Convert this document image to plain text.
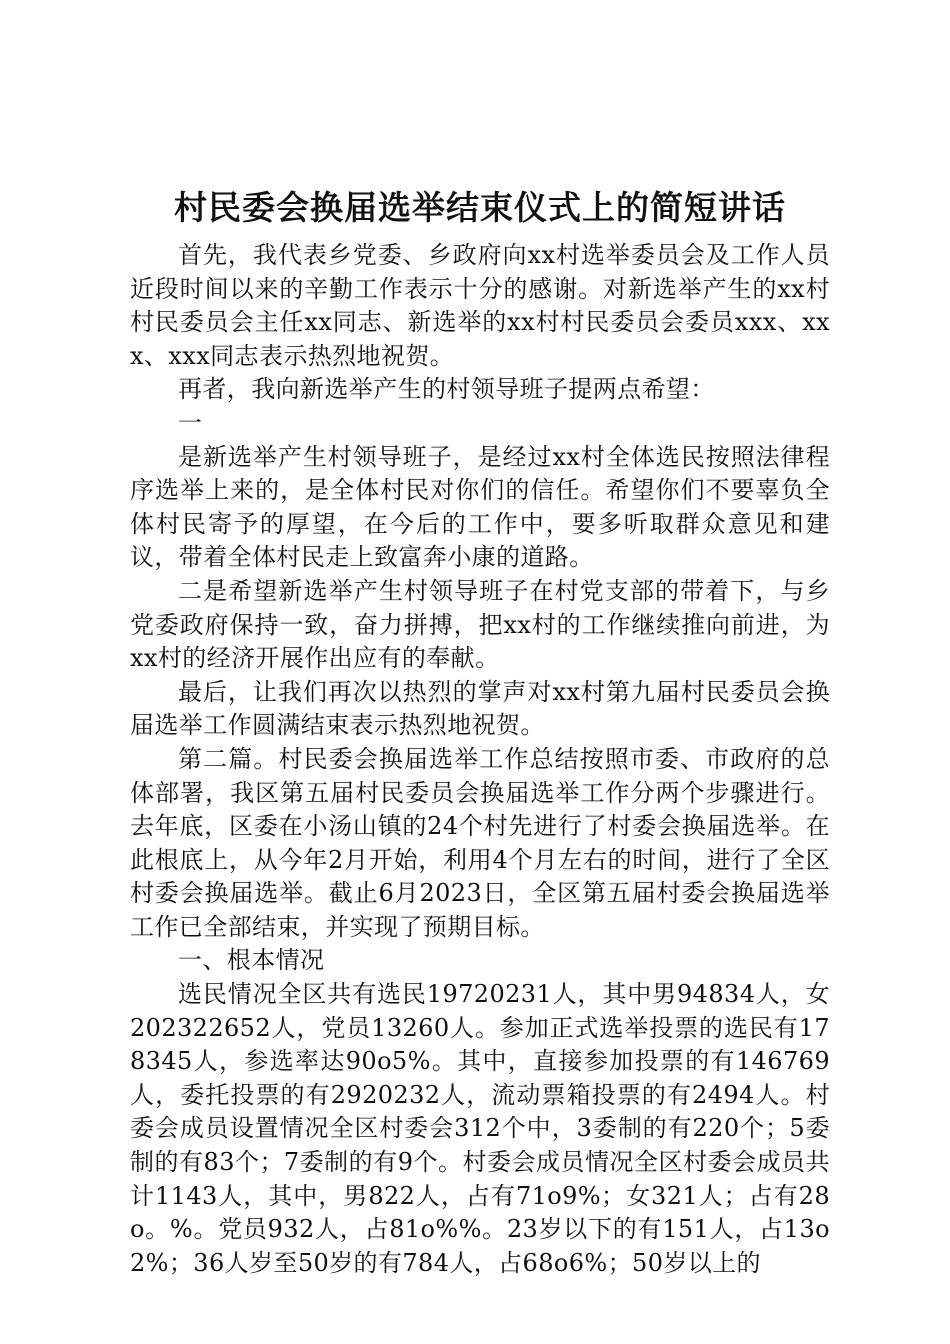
村民委会换届选举结束仪式上的简短讲话

首先，我代表乡党委、乡政府向xx村选举委员会及工作人员近段时间以来的辛勤工作表示十分的感谢。对新选举产生的xx村村民委员会主任xx同志、新选举的xx村村民委员会委员xxx、xxx、xxx同志表示热烈地祝贺。

再者，我向新选举产生的村领导班子提两点希望：

一

是新选举产生村领导班子，是经过xx村全体选民按照法律程序选举上来的，是全体村民对你们的信任。希望你们不要辜负全体村民寄予的厚望，在今后的工作中，要多听取群众意见和建议，带着全体村民走上致富奔小康的道路。

二是希望新选举产生村领导班子在村党支部的带着下，与乡党委政府保持一致，奋力拼搏，把xx村的工作继续推向前进，为xx村的经济开展作出应有的奉献。

最后，让我们再次以热烈的掌声对xx村第九届村民委员会换届选举工作圆满结束表示热烈地祝贺。

第二篇。村民委会换届选举工作总结按照市委、市政府的总体部署，我区第五届村民委员会换届选举工作分两个步骤进行。去年底，区委在小汤山镇的24个村先进行了村委会换届选举。在此根底上，从今年2月开始，利用4个月左右的时间，进行了全区村委会换届选举。截止6月2023日，全区第五届村委会换届选举工作已全部结束，并实现了预期目标。

一、根本情况

选民情况全区共有选民19720231人，其中男94834人，女202322652人，党员13260人。参加正式选举投票的选民有178345人，参选率达90o5%。其中，直接参加投票的有146769人，委托投票的有2920232人，流动票箱投票的有2494人。村委会成员设置情况全区村委会312个中，3委制的有220个；5委制的有83个；7委制的有9个。村委会成员情况全区村委会成员共计1143人，其中，男822人，占有71o9%；女321人；占有28o。%。党员932人，占81o%%。23岁以下的有151人，占13o2%；36人岁至50岁的有784人，占68o6%；50岁以上的
